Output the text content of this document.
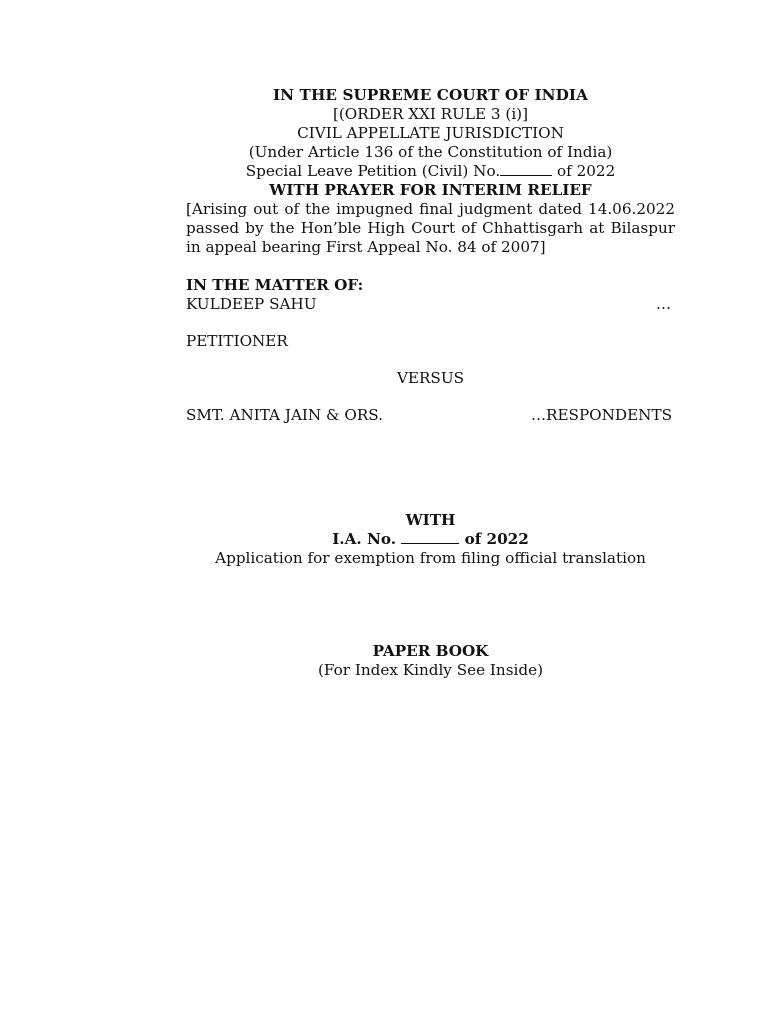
IN THE SUPREME COURT OF INDIA
[(ORDER XXI RULE 3 (i)]
CIVIL APPELLATE JURISDICTION
(Under Article 136 of the Constitution of India)
Special Leave Petition (Civil) No.	of 2022
WITH PRAYER FOR INTERIM RELIEF
[Arising out of the impugned final judgment dated 14.06.2022 passed by the Hon’ble High Court of Chhattisgarh at Bilaspur in appeal bearing First Appeal No. 84 of 2007]
IN THE MATTER OF:
KULDEEP SAHU	…
PETITIONER
VERSUS
SMT. ANITA JAIN & ORS.	…RESPONDENTS
WITH
I.A. No.	of 2022
Application for exemption from filing official translation
PAPER BOOK
(For Index Kindly See Inside)
